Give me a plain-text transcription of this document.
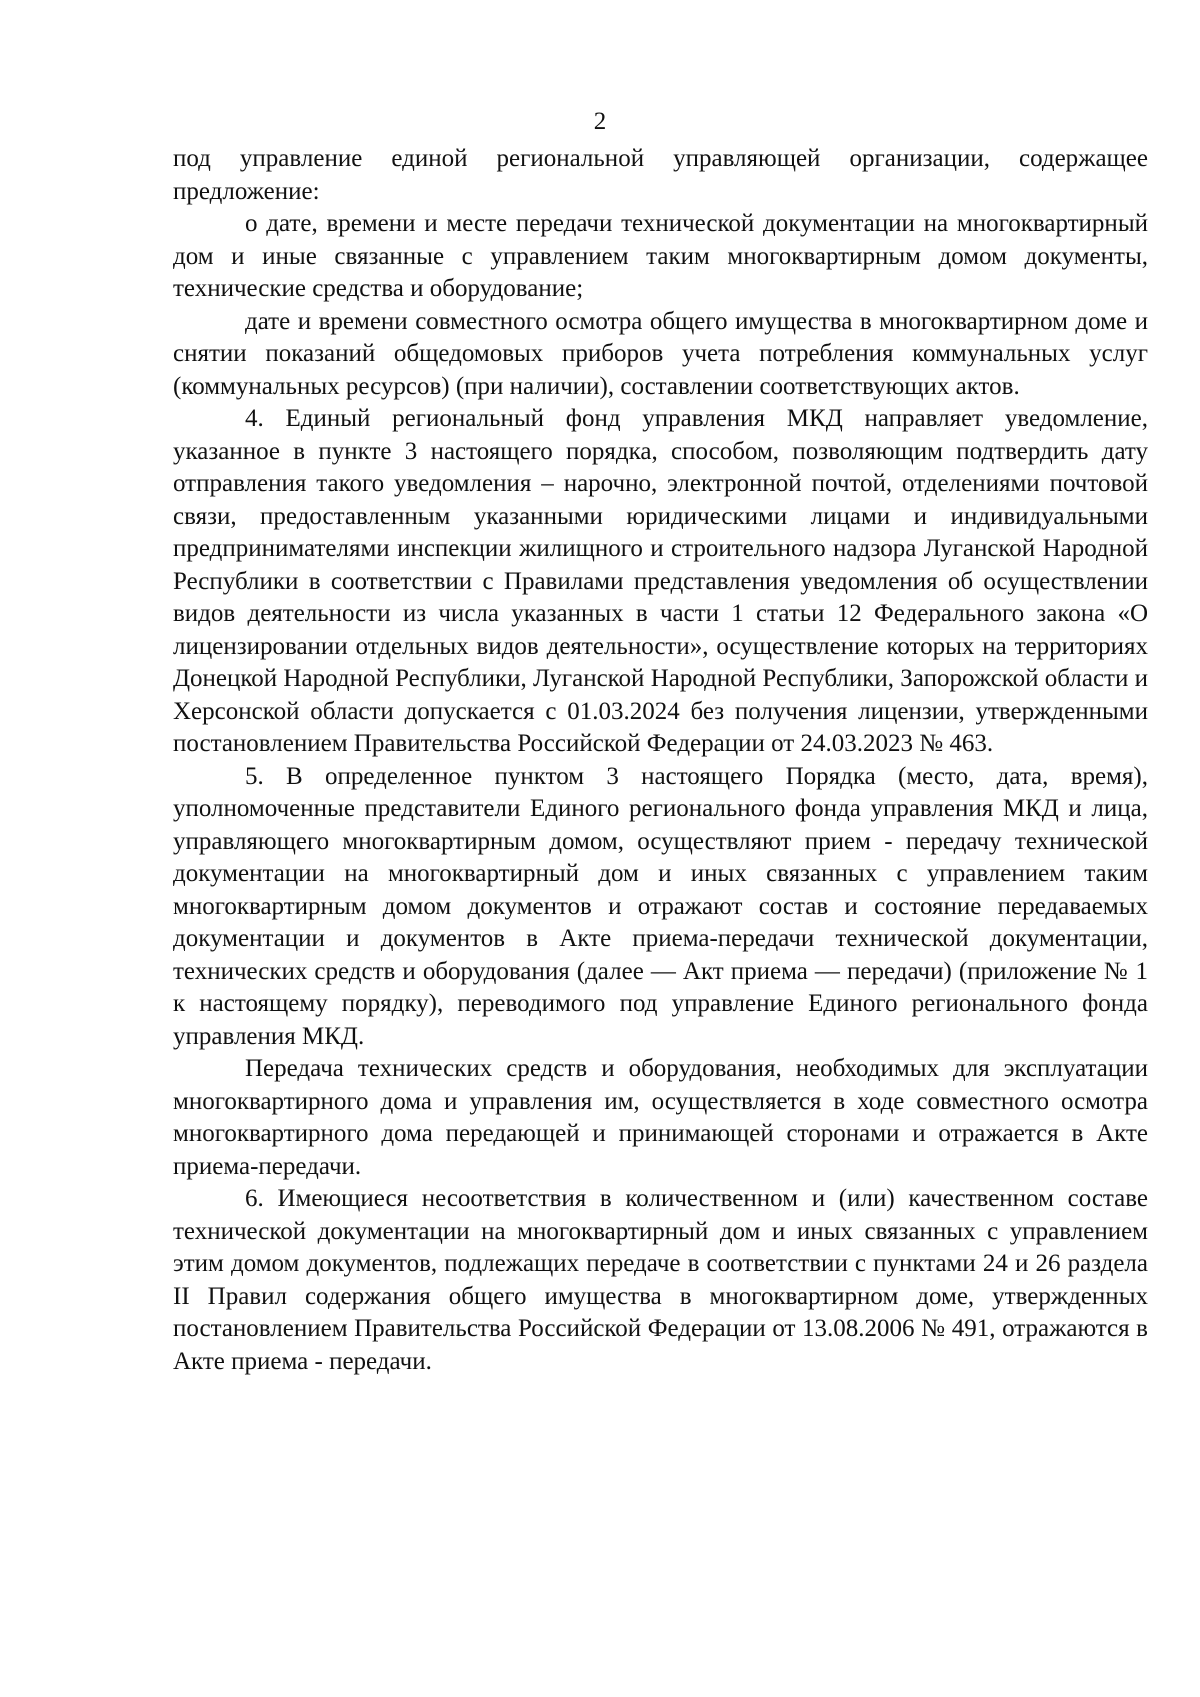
2

под управление единой региональной управляющей организации, содержащее предложение:

о дате, времени и месте передачи технической документации на многоквартирный дом и иные связанные с управлением таким многоквартирным домом документы, технические средства и оборудование;

дате и времени совместного осмотра общего имущества в многоквартирном доме и снятии показаний общедомовых приборов учета потребления коммунальных услуг (коммунальных ресурсов) (при наличии), составлении соответствующих актов.

4. Единый региональный фонд управления МКД направляет уведомление, указанное в пункте 3 настоящего порядка, способом, позволяющим подтвердить дату отправления такого уведомления – нарочно, электронной почтой, отделениями почтовой связи, предоставленным указанными юридическими лицами и индивидуальными предпринимателями инспекции жилищного и строительного надзора Луганской Народной Республики в соответствии с Правилами представления уведомления об осуществлении видов деятельности из числа указанных в части 1 статьи 12 Федерального закона «О лицензировании отдельных видов деятельности», осуществление которых на территориях Донецкой Народной Республики, Луганской Народной Республики, Запорожской области и Херсонской области допускается с 01.03.2024 без получения лицензии, утвержденными постановлением Правительства Российской Федерации от 24.03.2023 № 463.

5. В определенное пунктом 3 настоящего Порядка (место, дата, время), уполномоченные представители Единого регионального фонда управления МКД и лица, управляющего многоквартирным домом, осуществляют прием - передачу технической документации на многоквартирный дом и иных связанных с управлением таким многоквартирным домом документов и отражают состав и состояние передаваемых документации и документов в Акте приема-передачи технической документации, технических средств и оборудования (далее — Акт приема — передачи) (приложение № 1 к настоящему порядку), переводимого под управление Единого регионального фонда управления МКД.

Передача технических средств и оборудования, необходимых для эксплуатации многоквартирного дома и управления им, осуществляется в ходе совместного осмотра многоквартирного дома передающей и принимающей сторонами и отражается в Акте приема-передачи.

6. Имеющиеся несоответствия в количественном и (или) качественном составе технической документации на многоквартирный дом и иных связанных с управлением этим домом документов, подлежащих передаче в соответствии с пунктами 24 и 26 раздела II Правил содержания общего имущества в многоквартирном доме, утвержденных постановлением Правительства Российской Федерации от 13.08.2006 № 491, отражаются в Акте приема - передачи.
